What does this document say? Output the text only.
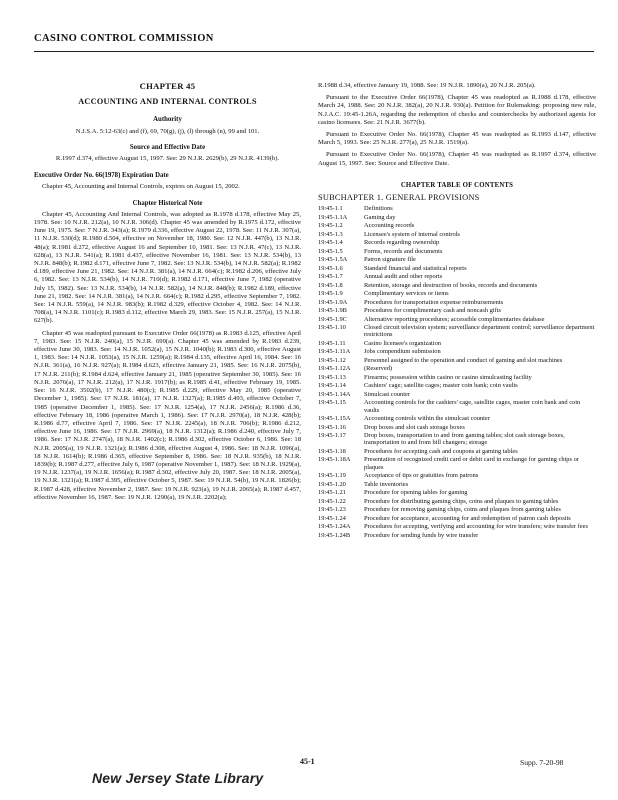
CASINO CONTROL COMMISSION
CHAPTER 45
ACCOUNTING AND INTERNAL CONTROLS
Authority
N.J.S.A. 5:12-63(c) and (f), 69, 70(g), (j), (l) through (n), 99 and 101.
Source and Effective Date
R.1997 d.374, effective August 15, 1997. See: 29 N.J.R. 2629(b), 29 N.J.R. 4139(b).
Executive Order No. 66(1978) Expiration Date

Chapter 45, Accounting and Internal Controls, expires on August 15, 2002.

Chapter Historical Note

Chapter 45, Accounting And Internal Controls, was adopted as R.1978 d.178, effective May 25, 1978. See: 10 N.J.R. 212(a), 10 N.J.R. 306(d). Chapter 45 was amended by R.1975 d.172, effective June 19, 1975. See: 7 N.J.R. 343(a); R.1979 d.336, effective August 22, 1978. See: 11 N.J.R. 307(a), 11 N.J.R. 530(d); R.1980 d.504, effective on November 18, 1980. See: 12 N.J.R. 447(b), 13 N.J.R. 48(a); R.1981 d.272, effective August 16 and September 10, 1981. See: 13 N.J.R. 47(c), 13 N.J.R. 628(a), 13 N.J.R. 541(a); R.1981 d.437, effective November 16, 1981. See: 13 N.J.R. 534(b), 13 N.J.R. 848(b); R.1982 d.171, effective June 7, 1982. See: 13 N.J.R. 534(b), 14 N.J.R. 582(a); R.1982 d.189, effective June 21, 1982. See: 14 N.J.R. 381(a), 14 N.J.R. 664(c); R.1982 d.206, effective July 6, 1982. See: 13 N.J.R. 534(b), 14 N.J.R. 710(d); R.1982 d.171, effective June 7, 1982 (operative July 15, 1982). See: 13 N.J.R. 534(b), 14 N.J.R. 582(a), 14 N.J.R. 848(b); R.1982 d.189, effective June 21, 1982. See: 14 N.J.R. 381(a), 14 N.J.R. 664(c); R.1982 d.295, effective September 7, 1982. See: 14 N.J.R. 559(a), 14 N.J.R. 983(b); R.1982 d.329, effective October 4, 1982. See: 14 N.J.R. 708(a), 14 N.J.R. 1101(c); R.1983 d.112, effective March 29, 1983. See: 15 N.J.R. 257(a), 15 N.J.R. 627(b).

Chapter 45 was readopted pursuant to Executive Order 66(1978) as R.1983 d.125, effective April 7, 1983. See: 15 N.J.R. 240(a), 15 N.J.R. 699(a). Chapter 45 was amended by R.1983 d.239, effective June 30, 1983. See: 14 N.J.R. 1052(a), 15 N.J.R. 1040(b); R.1983 d.300, effective August 1, 1983. See: 14 N.J.R. 1053(a), 15 N.J.R. 1259(a); R.1984 d.135, effective April 16, 1984. See: 16 N.J.R. 361(a), 16 N.J.R. 927(a); R.1984 d.623, effective January 21, 1985. See: 16 N.J.R. 2075(b), 17 N.J.R. 211(b); R.1984 d.624, effective January 21, 1985 (operative September 30, 1985). See: 16 N.J.R. 2076(a), 17 N.J.R. 212(a), 17 N.J.R. 1917(b); as R.1985 d.41, effective February 19, 1985. See: 16 N.J.R. 3502(b), 17 N.J.R. 480(c); R.1985 d.229, effective May 20, 1985 (operative December 1, 1985). See: 17 N.J.R. 181(a), 17 N.J.R. 1327(a); R.1985 d.493, effective October 7, 1985 (operative December 1, 1985). See: 17 N.J.R. 1254(a), 17 N.J.R. 2456(a); R.1986 d.36, effective February 18, 1986 (operative March 1, 1986). See: 17 N.J.R. 2970(a), 18 N.J.R. 428(b); R.1986 d.77, effective April 7, 1986. See: 17 N.J.R. 2245(a), 18 N.J.R. 706(b); R.1986 d.212, effective June 16, 1986. See: 17 N.J.R. 2969(a), 18 N.J.R. 1312(a); R.1986 d.240, effective July 7, 1986. See: 17 N.J.R. 2747(a), 18 N.J.R. 1402(c); R.1986 d.302, effective October 6, 1986. See: 18 N.J.R. 2005(a), 19 N.J.R. 1321(a); R.1986 d.308, effective August 4, 1986. See: 18 N.J.R. 1096(a), 18 N.J.R. 1614(b); R.1986 d.365, effective September 8, 1986. See: 18 N.J.R. 935(b), 18 N.J.R. 1839(b); R.1987 d.277, effective July 6, 1987 (operative November 1, 1987). See: 18 N.J.R. 1929(a), 19 N.J.R. 1237(a), 19 N.J.R. 1656(a); R.1987 d.302, effective July 20, 1987. See: 18 N.J.R. 2005(a), 19 N.J.R. 1321(a); R.1987 d.395, effective October 5, 1987. See: 19 N.J.R. 54(b), 19 N.J.R. 1826(b); R.1987 d.428, effective November 2, 1987. See: 19 N.J.R. 923(a), 19 N.J.R. 2065(a); R.1987 d.457, effective November 16, 1987. See: 19 N.J.R. 1290(a), 19 N.J.R. 2202(a);

R.1988 d.34, effective January 19, 1988. See: 19 N.J.R. 1890(a), 20 N.J.R. 205(a).

Pursuant to the Executive Order 66(1978), Chapter 45 was readopted as R.1988 d.178, effective March 24, 1988. See: 20 N.J.R. 382(a), 20 N.J.R. 930(a). Petition for Rulemaking: proposing new rule, N.J.A.C. 19:45-1.26A, regarding the redemption of checks and counterchecks by authorized agents for casino licensees. See: 21 N.J.R. 3677(b).

Pursuant to Executive Order No. 66(1978), Chapter 45 was readopted as R.1993 d.147, effective March 5, 1993. See: 25 N.J.R. 277(a), 25 N.J.R. 1519(a).

Pursuant to Executive Order No. 66(1978), Chapter 45 was readopted as R.1997 d.374, effective August 15, 1997. See: Source and Effective Date.

CHAPTER TABLE OF CONTENTS
SUBCHAPTER 1. GENERAL PROVISIONS
19:45-1.1	Definitions
19:45-1.1A	Gaming day
19:45-1.2	Accounting records
19:45-1.3	Licensee's system of internal controls
19:45-1.4	Records regarding ownership
19:45-1.5	Forms, records and documents
19:45-1.5A	Patron signature file
19:45-1.6	Standard financial and statistical reports
19:45-1.7	Annual audit and other reports
19:45-1.8	Retention, storage and destruction of books, records and documents
19:45-1.9	Complimentary services or items
19:45-1.9A	Procedures for transportation expense reimbursements
19:45-1.9B	Procedures for complimentary cash and noncash gifts
19:45-1.9C	Alternative reporting procedures; accessible complimentaries database
19:45-1.10	Closed circuit television system; surveillance department control; surveillance department restrictions
19:45-1.11	Casino licensee's organization
19:45-1.11A	Jobs compendium submission
19:45-1.12	Personnel assigned to the operation and conduct of gaming and slot machines
19:45-1.12A	(Reserved)
19:45-1.13	Firearms; possession within casino or casino simulcasting facility
19:45-1.14	Cashiers' cage; satellite cages; master coin bank; coin vaults
19:45-1.14A	Simulcast counter
19:45-1.15	Accounting controls for the cashiers' cage, satellite cages, master coin bank and coin vaults
19:45-1.15A	Accounting controls within the simulcast counter
19:45-1.16	Drop boxes and slot cash storage boxes
19:45-1.17	Drop boxes, transportation to and from gaming tables; slot cash storage boxes, transportation to and from bill changers; storage
19:45-1.18	Procedures for accepting cash and coupons at gaming tables
19:45-1.18A	Presentation of recognized credit card or debit card in exchange for gaming chips or plaques
19:45-1.19	Acceptance of tips or gratuities from patrons
19:45-1.20	Table inventories
19:45-1.21	Procedure for opening tables for gaming
19:45-1.22	Procedure for distributing gaming chips, coins and plaques to gaming tables
19:45-1.23	Procedure for removing gaming chips, coins and plaques from gaming tables
19:45-1.24	Procedure for acceptance, accounting for and redemption of patron cash deposits
19:45-1.24A	Procedures for accepting, verifying and accounting for wire transfers; wire transfer fees
19:45-1.24B	Procedure for sending funds by wire transfer
45-1	Supp. 7-20-98
New Jersey State Library
